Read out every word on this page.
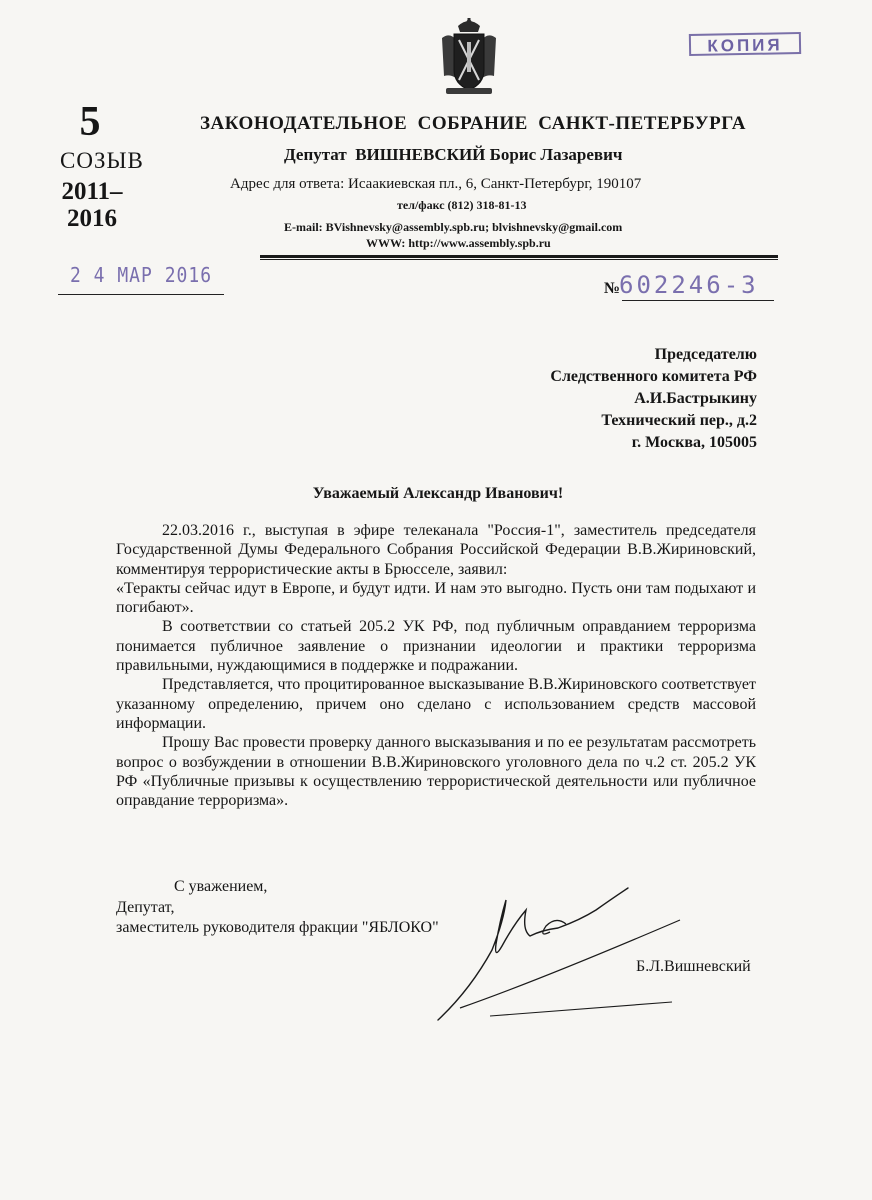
КОПИЯ
5
СОЗЫВ
2011–
2016
ЗАКОНОДАТЕЛЬНОЕ  СОБРАНИЕ  САНКТ-ПЕТЕРБУРГА
Депутат  ВИШНЕВСКИЙ Борис Лазаревич
Адрес для ответа: Исаакиевская пл., 6, Санкт-Петербург, 190107
тел/факс (812) 318-81-13
E-mail: BVishnevsky@assembly.spb.ru; blvishnevsky@gmail.com
WWW: http://www.assembly.spb.ru
2 4 MAP 2016
№
602246-3
Председателю
Следственного комитета РФ
А.И.Бастрыкину
Технический пер., д.2
г. Москва, 105005
Уважаемый Александр Иванович!

22.03.2016 г., выступая в эфире телеканала "Россия-1", заместитель председателя Государственной Думы Федерального Собрания Российской Федерации В.В.Жириновский, комментируя террористические акты в Брюсселе, заявил:

«Теракты сейчас идут в Европе, и будут идти. И нам это выгодно. Пусть они там подыхают и погибают».

В соответствии со статьей 205.2 УК РФ, под публичным оправданием терроризма понимается публичное заявление о признании идеологии и практики терроризма правильными, нуждающимися в поддержке и подражании.

Представляется, что процитированное высказывание В.В.Жириновского соответствует указанному определению, причем оно сделано с использованием средств массовой информации.

Прошу Вас провести проверку данного высказывания и по ее результатам рассмотреть вопрос о возбуждении в отношении В.В.Жириновского уголовного дела по ч.2 ст. 205.2 УК РФ «Публичные призывы к осуществлению террористической деятельности или публичное оправдание терроризма».

С уважением,
Депутат,
заместитель руководителя фракции "ЯБЛОКО"
Б.Л.Вишневский
